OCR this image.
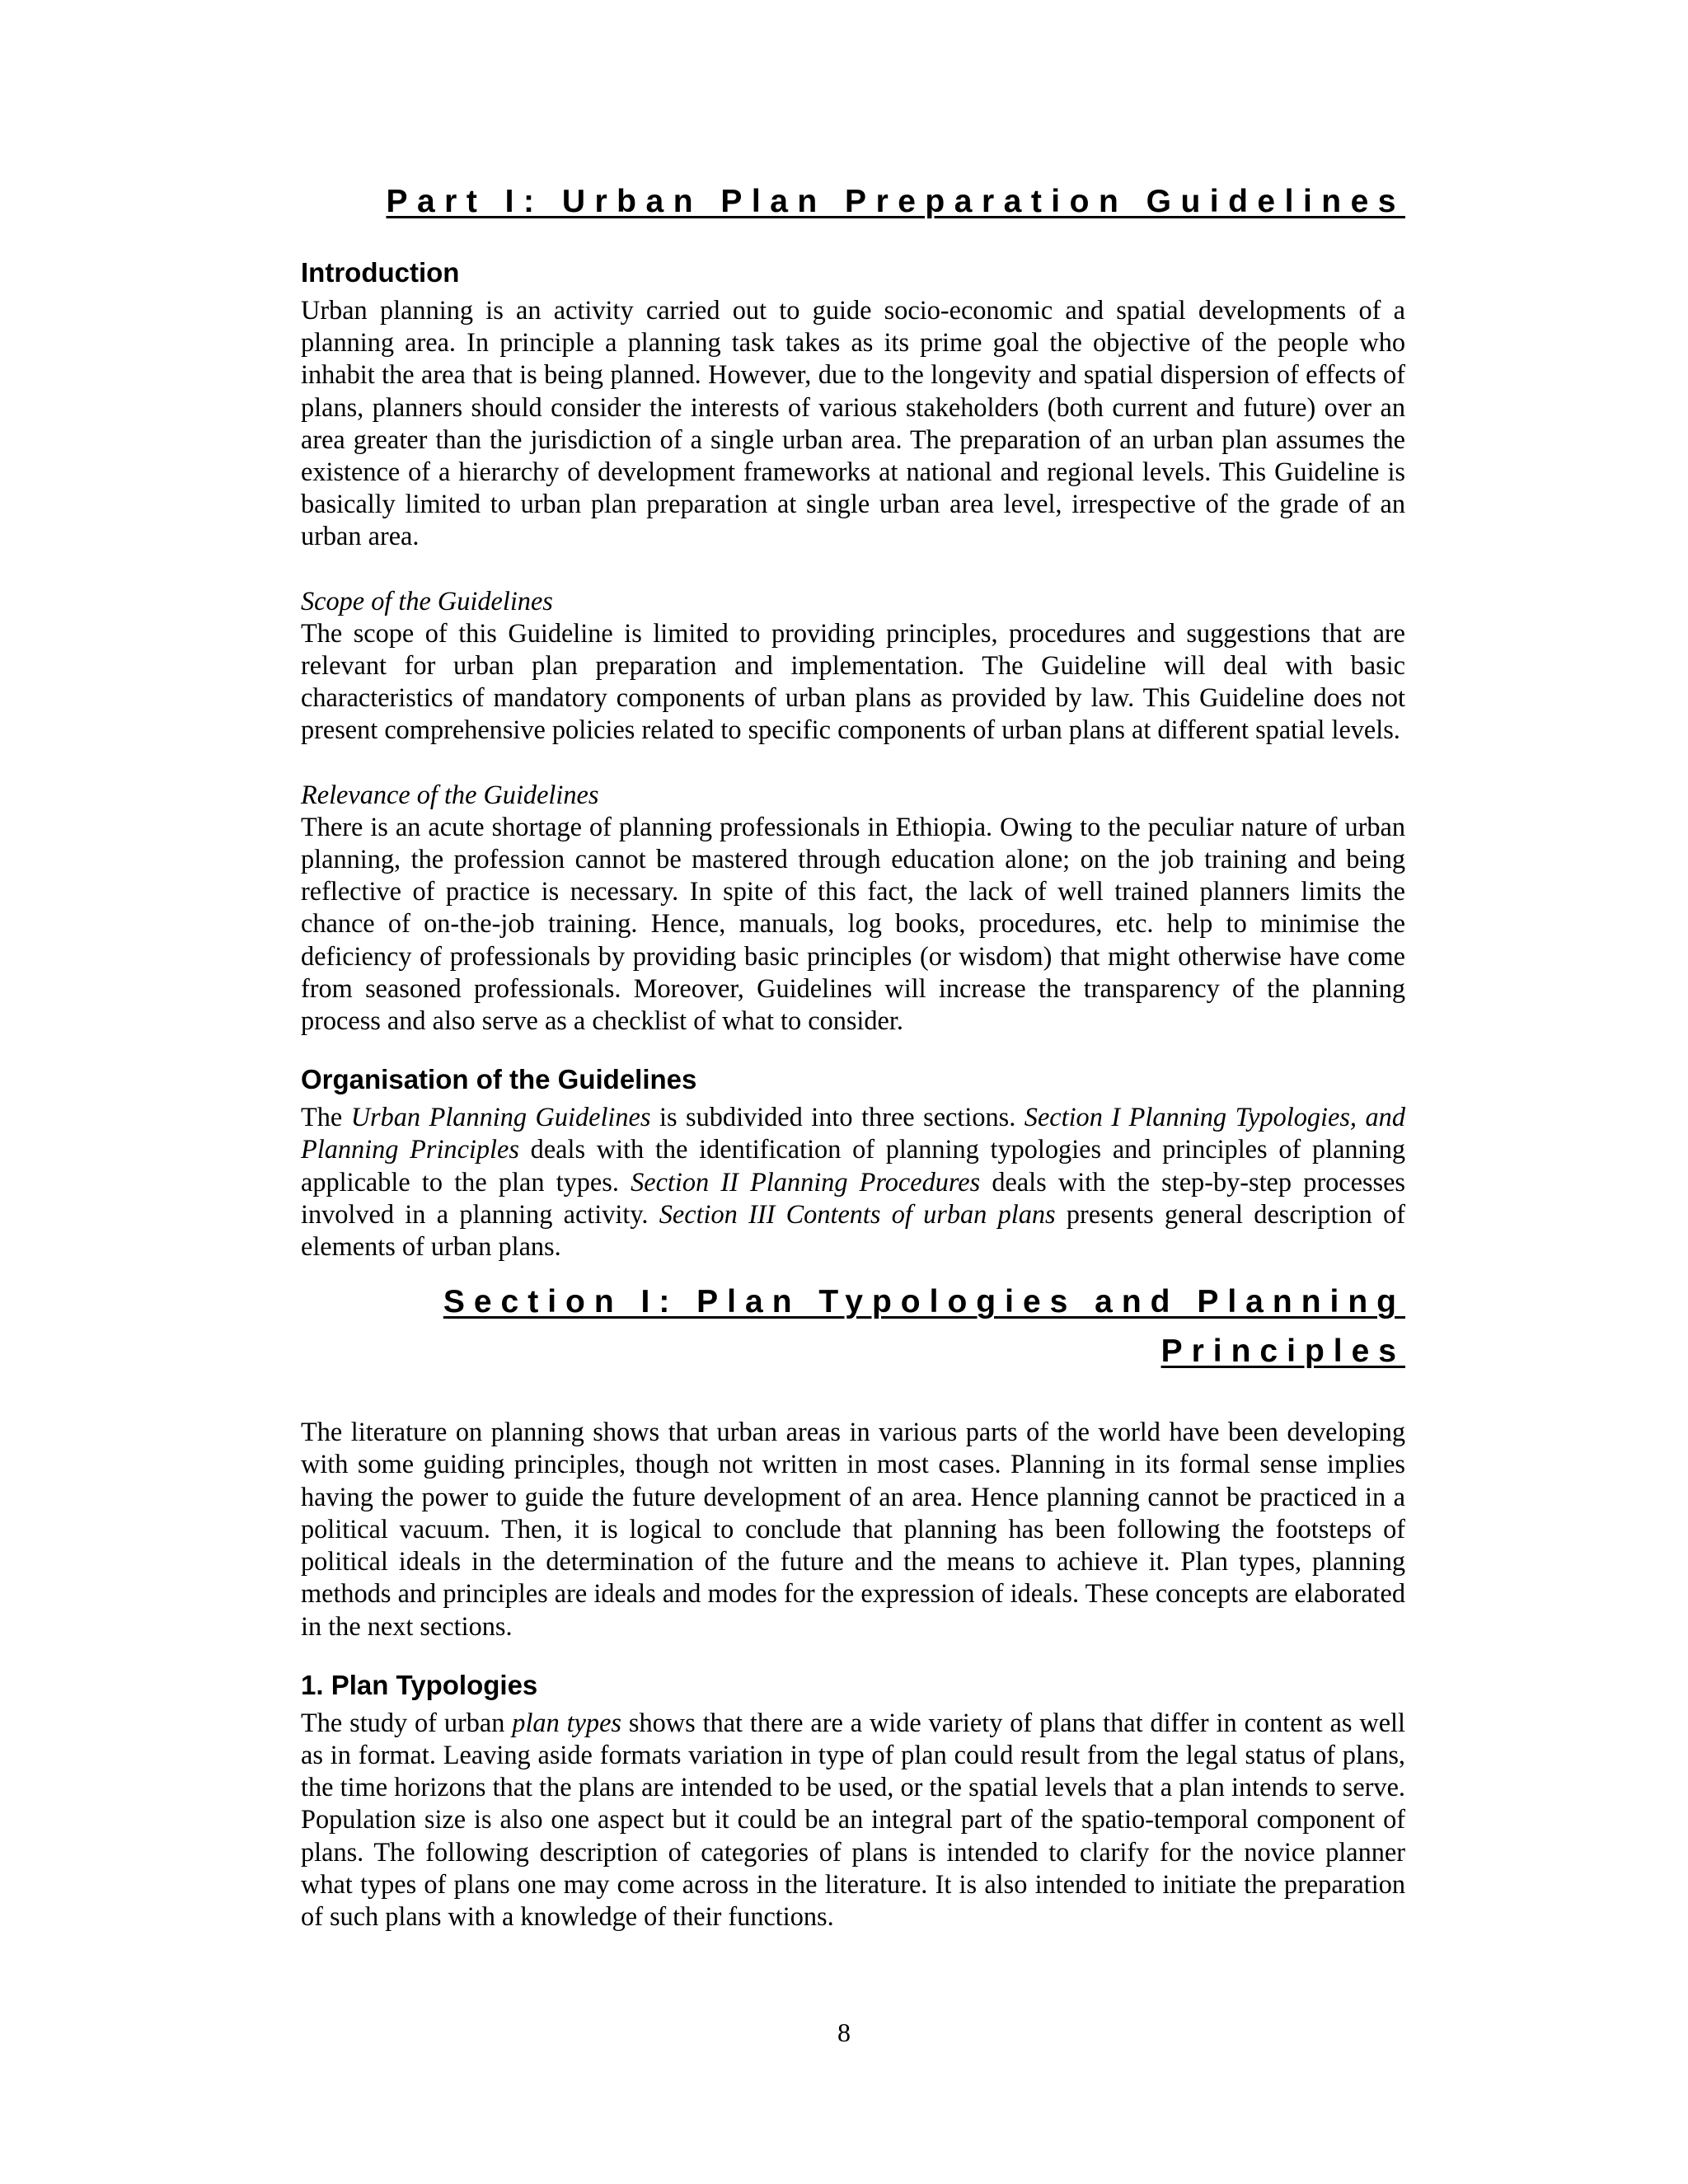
Part I: Urban Plan Preparation Guidelines
Introduction

Urban planning is an activity carried out to guide socio-economic and spatial developments of a planning area. In principle a planning task takes as its prime goal the objective of the people who inhabit the area that is being planned. However, due to the longevity and spatial dispersion of effects of plans, planners should consider the interests of various stakeholders (both current and future) over an area greater than the jurisdiction of a single urban area. The preparation of an urban plan assumes the existence of a hierarchy of development frameworks at national and regional levels. This Guideline is basically limited to urban plan preparation at single urban area level, irrespective of the grade of an urban area.

Scope of the Guidelines

The scope of this Guideline is limited to providing principles, procedures and suggestions that are relevant for urban plan preparation and implementation. The Guideline will deal with basic characteristics of mandatory components of urban plans as provided by law. This Guideline does not present comprehensive policies related to specific components of urban plans at different spatial levels.

Relevance of the Guidelines

There is an acute shortage of planning professionals in Ethiopia. Owing to the peculiar nature of urban planning, the profession cannot be mastered through education alone; on the job training and being reflective of practice is necessary. In spite of this fact, the lack of well trained planners limits the chance of on-the-job training. Hence, manuals, log books, procedures, etc. help to minimise the deficiency of professionals by providing basic principles (or wisdom) that might otherwise have come from seasoned professionals. Moreover, Guidelines will increase the transparency of the planning process and also serve as a checklist of what to consider.

Organisation of the Guidelines

The Urban Planning Guidelines is subdivided into three sections. Section I Planning Typologies, and Planning Principles deals with the identification of planning typologies and principles of planning applicable to the plan types. Section II Planning Procedures deals with the step-by-step processes involved in a planning activity. Section III Contents of urban plans presents general description of elements of urban plans.

Section I: Plan Typologies and Planning Principles

The literature on planning shows that urban areas in various parts of the world have been developing with some guiding principles, though not written in most cases. Planning in its formal sense implies having the power to guide the future development of an area. Hence planning cannot be practiced in a political vacuum. Then, it is logical to conclude that planning has been following the footsteps of political ideals in the determination of the future and the means to achieve it. Plan types, planning methods and principles are ideals and modes for the expression of ideals. These concepts are elaborated in the next sections.

1. Plan Typologies

The study of urban plan types shows that there are a wide variety of plans that differ in content as well as in format. Leaving aside formats variation in type of plan could result from the legal status of plans, the time horizons that the plans are intended to be used, or the spatial levels that a plan intends to serve. Population size is also one aspect but it could be an integral part of the spatio-temporal component of plans. The following description of categories of plans is intended to clarify for the novice planner what types of plans one may come across in the literature. It is also intended to initiate the preparation of such plans with a knowledge of their functions.

8
